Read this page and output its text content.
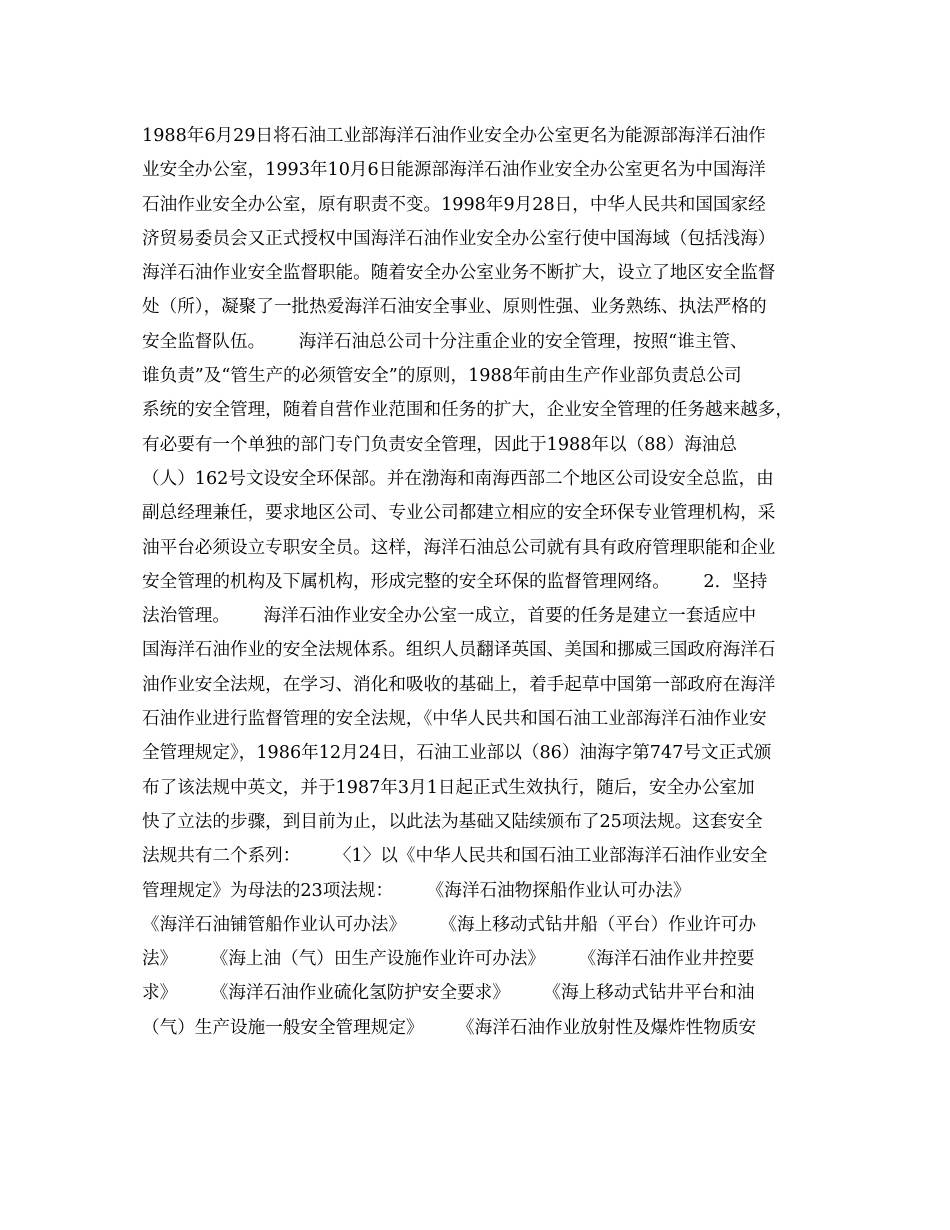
1988年6月29日将石油工业部海洋石油作业安全办公室更名为能源部海洋石油作
业安全办公室，1993年10月6日能源部海洋石油作业安全办公室更名为中国海洋
石油作业安全办公室，原有职责不变。1998年9月28日，中华人民共和国国家经
济贸易委员会又正式授权中国海洋石油作业安全办公室行使中国海域（包括浅海）
海洋石油作业安全监督职能。随着安全办公室业务不断扩大，设立了地区安全监督
处（所），凝聚了一批热爱海洋石油安全事业、原则性强、业务熟练、执法严格的
安全监督队伍。      海洋石油总公司十分注重企业的安全管理，按照“谁主管、
谁负责”及“管生产的必须管安全”的原则，1988年前由生产作业部负责总公司
系统的安全管理，随着自营作业范围和任务的扩大，企业安全管理的任务越来越多，
有必要有一个单独的部门专门负责安全管理，因此于1988年以（88）海油总
（人）162号文设安全环保部。并在渤海和南海西部二个地区公司设安全总监，由
副总经理兼任，要求地区公司、专业公司都建立相应的安全环保专业管理机构，采
油平台必须设立专职安全员。这样，海洋石油总公司就有具有政府管理职能和企业
安全管理的机构及下属机构，形成完整的安全环保的监督管理网络。      2．坚持
法治管理。      海洋石油作业安全办公室一成立，首要的任务是建立一套适应中
国海洋石油作业的安全法规体系。组织人员翻译英国、美国和挪威三国政府海洋石
油作业安全法规，在学习、消化和吸收的基础上，着手起草中国第一部政府在海洋
石油作业进行监督管理的安全法规，《中华人民共和国石油工业部海洋石油作业安
全管理规定》，1986年12月24日，石油工业部以（86）油海字第747号文正式颁
布了该法规中英文，并于1987年3月1日起正式生效执行，随后，安全办公室加
快了立法的步骤，到目前为止，以此法为基础又陆续颁布了25项法规。这套安全
法规共有二个系列：      〈1〉以《中华人民共和国石油工业部海洋石油作业安全
管理规定》为母法的23项法规：      《海洋石油物探船作业认可办法》
《海洋石油铺管船作业认可办法》      《海上移动式钻井船（平台）作业许可办
法》      《海上油（气）田生产设施作业许可办法》      《海洋石油作业井控要
求》      《海洋石油作业硫化氢防护安全要求》      《海上移动式钻井平台和油
（气）生产设施一般安全管理规定》      《海洋石油作业放射性及爆炸性物质安
